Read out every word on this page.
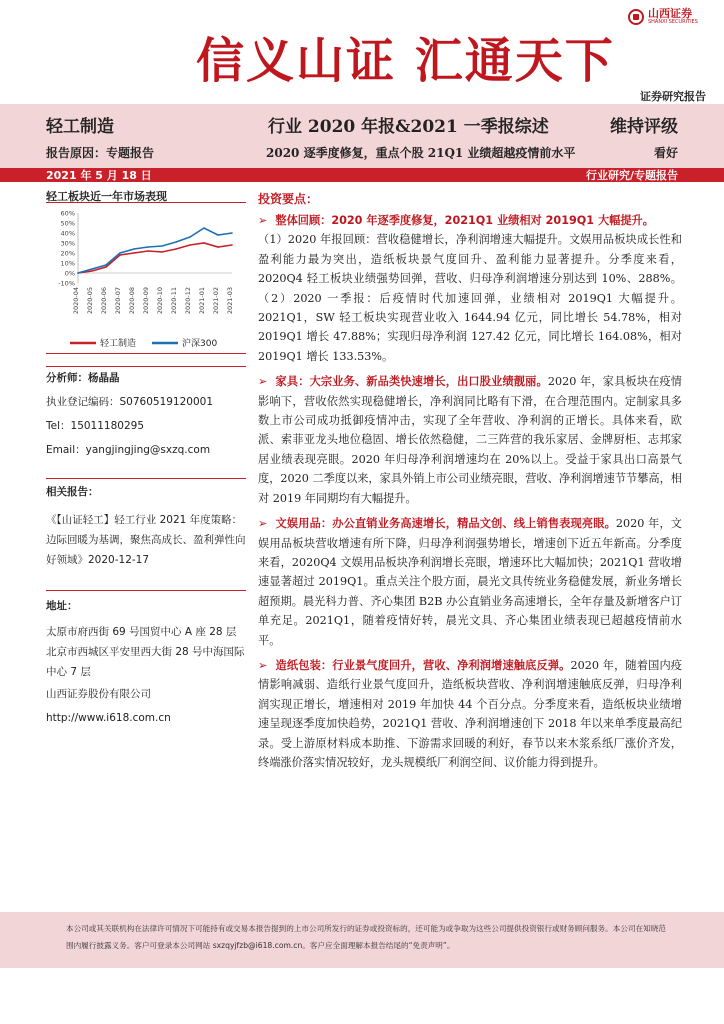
信义山证 汇通天下
山西证券
SHANXI SECURITIES
证券研究报告
轻工制造	行业 2020 年报&2021 一季报综述	维持评级
报告原因：专题报告	2020 逐季度修复，重点个股 21Q1 业绩超越疫情前水平	看好
2021 年 5 月 18 日	行业研究/专题报告
轻工板块近一年市场表现
60%
50%
40%
30%
20%
10%
0%
-10%
2020-04 2020-05 2020-06 2020-07 2020-08 2020-09 2020-10 2020-11 2020-12 2021-01 2021-02 2021-03
轻工制造	沪深300
分析师：杨晶晶
执业登记编码：S0760519120001
Tel：15011180295
Email：yangjingjing@sxzq.com
相关报告：
《【山证轻工】轻工行业 2021 年度策略：边际回暖为基调，聚焦高成长、盈利弹性向好领域》2020-12-17
地址：
太原市府西街 69 号国贸中心 A 座 28 层北京市西城区平安里西大街 28 号中海国际中心 7 层
山西证券股份有限公司
http://www.i618.com.cn
投资要点：

➢ 整体回顾：2020 年逐季度修复，2021Q1 业绩相对 2019Q1 大幅提升。
（1）2020 年报回顾：营收稳健增长，净利润增速大幅提升。文娱用品板块成长性和盈利能力最为突出，造纸板块景气度回升、盈利能力显著提升。分季度来看，2020Q4 轻工板块业绩强势回弹，营收、归母净利润增速分别达到 10%、288%。（2）2020 一季报：后疫情时代加速回弹，业绩相对 2019Q1 大幅提升。2021Q1，SW 轻工板块实现营业收入 1644.94 亿元，同比增长 54.78%，相对 2019Q1 增长 47.88%；实现归母净利润 127.42 亿元，同比增长 164.08%，相对 2019Q1 增长 133.53%。

➢ 家具：大宗业务、新品类快速增长，出口股业绩靓丽。2020 年，家具板块在疫情影响下，营收依然实现稳健增长，净利润同比略有下滑，在合理范围内。定制家具多数上市公司成功抵御疫情冲击，实现了全年营收、净利润的正增长。具体来看，欧派、索菲亚龙头地位稳固、增长依然稳健，二三阵营的我乐家居、金牌厨柜、志邦家居业绩表现亮眼。2020 年归母净利润增速均在 20%以上。受益于家具出口高景气度，2020 二季度以来，家具外销上市公司业绩亮眼，营收、净利润增速节节攀高，相对 2019 年同期均有大幅提升。

➢ 文娱用品：办公直销业务高速增长，精品文创、线上销售表现亮眼。2020 年，文娱用品板块营收增速有所下降，归母净利润强势增长，增速创下近五年新高。分季度来看，2020Q4 文娱用品板块净利润增长亮眼，增速环比大幅加快；2021Q1 营收增速显著超过 2019Q1。重点关注个股方面，晨光文具传统业务稳健发展，新业务增长超预期。晨光科力普、齐心集团 B2B 办公直销业务高速增长，全年存量及新增客户订单充足。2021Q1，随着疫情好转，晨光文具、齐心集团业绩表现已超越疫情前水平。

➢ 造纸包装：行业景气度回升，营收、净利润增速触底反弹。2020 年，随着国内疫情影响减弱、造纸行业景气度回升，造纸板块营收、净利润增速触底反弹，归母净利润实现正增长，增速相对 2019 年加快 44 个百分点。分季度来看，造纸板块业绩增速呈现逐季度加快趋势，2021Q1 营收、净利润增速创下 2018 年以来单季度最高纪录。受上游原材料成本助推、下游需求回暖的利好，春节以来木浆系纸厂涨价齐发，终端涨价落实情况较好，龙头规模纸厂利润空间、议价能力得到提升。

本公司或其关联机构在法律许可情况下可能持有或交易本报告提到的上市公司所发行的证券或投资标的，还可能为或争取为这些公司提供投资银行或财务顾问服务。本公司在知晓范围内履行披露义务。客户可登录本公司网站 sxzqyjfzb@i618.com.cn。客户应全面理解本报告结尾的“免责声明”。
